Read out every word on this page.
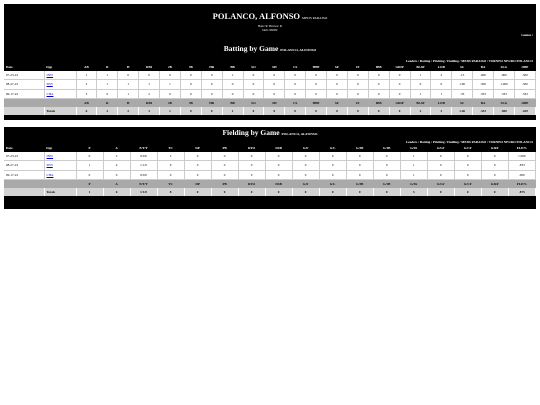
POLANCO, ALFONSO MEDS PARAISO
Bats: R Throws: R
Dob: 98/09/
Games /
Batting by Game POLANCO, ALFONSO
Leaders / Batting / Pitching / Fielding / MEDS PARAISO / TORNEO NEURO POLANCO
Date	Opp	AB	R	H	RBI	2B	3B	HR	BB	SO	SH	CS	HBP	SF	IF	IBB	GIDP	BLSP	LOB	SC	BA	SLG	OBP
07-23-22	INW	1	1	0	0	0	0	0	1	0	0	0	0	0	0	0	0	1	2	.13	.000	.000	.500
08-27-22	SEN	2	1	1	1	1	0	0	0	0	0	0	0	0	0	0	0	0	0	1.00	.500	1.000	.500
09-17-22	CHA	3	0	1	2	0	0	0	0	0	0	0	0	0	0	0	0	1	1	.33	.333	.333	.333
		AB	R	H	RBI	2B	3B	HR	BB	SO	SH	CS	HBP	SF	IF	IBB	GIDP	BLSP	LOB	SC	BA	SLG	OBP
	Totals	6	2	2	3	1	0	0	1	0	0	0	0	0	0	0	0	2	3	1.46	.333	.500	.429
Fielding by Game POLANCO, ALFONSO
Leaders / Batting / Pitching / Fielding / MEDS PARAISO / TORNEO NEURO POLANCO
Date	Opp	P	A	E/T/T	TC	DP	PB	RTO	DSB	G/F	G/L	G/3B	G/1B	G/SS	G/LF	G/CF	G/RF	FLD%
07-23-22	INW	0	2	0/0/0	2	0	0	0	0	0	0	0	0	1	0	0	0	1.000
08-27-22	SEN	1	4	1/1/0	6	0	0	0	0	0	0	0	0	1	0	0	0	.833
09-17-22	CHA	0	0	0/0/0	0	0	0	0	0	0	0	0	0	1	0	0	0	.000
		P	A	E/T/T	TC	DP	PB	RTO	DSB	G/F	G/L	G/3B	G/1B	G/SS	G/LF	G/CF	G/RF	FLD%
	Totals	1	6	1/1/0	8	0	0	0	0	0	0	0	0	3	0	0	0	.875
